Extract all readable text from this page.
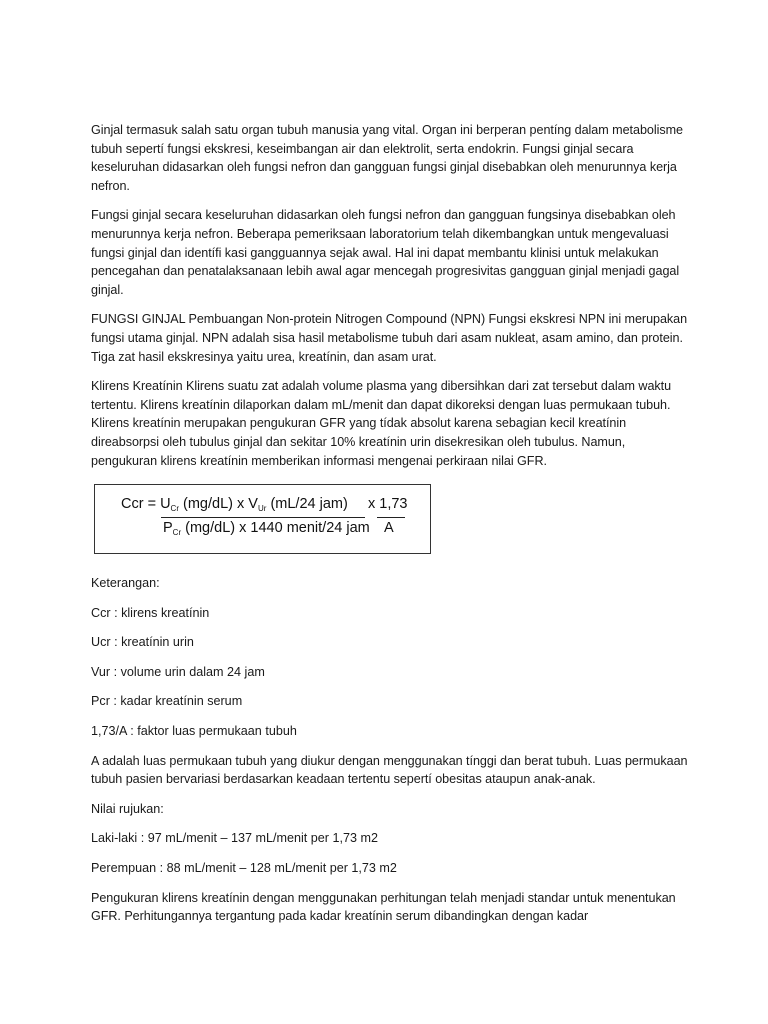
Ginjal termasuk salah satu organ tubuh manusia yang vital. Organ ini berperan pentíng dalam metabolisme tubuh sepertí fungsi ekskresi, keseimbangan air dan elektrolit, serta endokrin. Fungsi ginjal secara keseluruhan didasarkan oleh fungsi nefron dan gangguan fungsi ginjal disebabkan oleh menurunnya kerja nefron.

Fungsi ginjal secara keseluruhan didasarkan oleh fungsi nefron dan gangguan fungsinya disebabkan oleh menurunnya kerja nefron. Beberapa pemeriksaan laboratorium telah dikembangkan untuk mengevaluasi fungsi ginjal dan identífi kasi gangguannya sejak awal. Hal ini dapat membantu klinisi untuk melakukan pencegahan dan penatalaksanaan lebih awal agar mencegah progresivitas gangguan ginjal menjadi gagal ginjal.

FUNGSI GINJAL Pembuangan Non-protein Nitrogen Compound (NPN) Fungsi ekskresi NPN ini merupakan fungsi utama ginjal. NPN adalah sisa hasil metabolisme tubuh dari asam nukleat, asam amino, dan protein. Tiga zat hasil ekskresinya yaitu urea, kreatínin, dan asam urat.

Klirens Kreatínin Klirens suatu zat adalah volume plasma yang dibersihkan dari zat tersebut dalam waktu tertentu. Klirens kreatínin dilaporkan dalam mL/menit dan dapat dikoreksi dengan luas permukaan tubuh. Klirens kreatínin merupakan pengukuran GFR yang tídak absolut karena sebagian kecil kreatínin direabsorpsi oleh tubulus ginjal dan sekitar 10% kreatínin urin disekresikan oleh tubulus. Namun, pengukuran klirens kreatínin memberikan informasi mengenai perkiraan nilai GFR.

Ccr = $U_{Cr}$ (mg/dL) x $V_{Ur}$ (mL/24 jam)
$P_{Cr}$ (mg/dL) x 1440 menit/24 jam
x 1,73
A

Keterangan:

Ccr : klirens kreatínin

Ucr : kreatínin urin

Vur : volume urin dalam 24 jam

Pcr : kadar kreatínin serum

1,73/A : faktor luas permukaan tubuh

A adalah luas permukaan tubuh yang diukur dengan menggunakan tínggi dan berat tubuh. Luas permukaan tubuh pasien bervariasi berdasarkan keadaan tertentu sepertí obesitas ataupun anak-anak.

Nilai rujukan:

Laki-laki : 97 mL/menit – 137 mL/menit per 1,73 m2

Perempuan : 88 mL/menit – 128 mL/menit per 1,73 m2

Pengukuran klirens kreatínin dengan menggunakan perhitungan telah menjadi standar untuk menentukan GFR. Perhitungannya tergantung pada kadar kreatínin serum dibandingkan dengan kadar
